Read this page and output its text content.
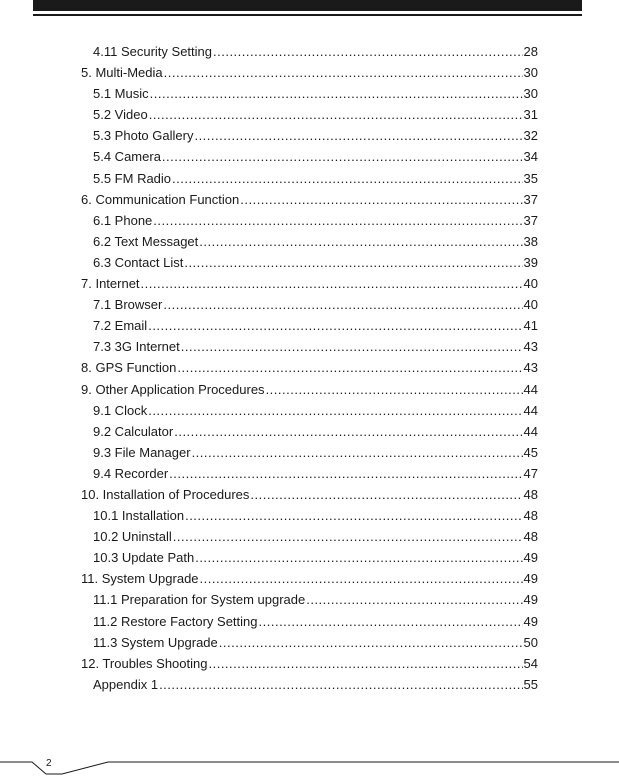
4.11 Security Setting .....	28
5. Multi-Media .....	30
5.1 Music .....	30
5.2 Video .....	31
5.3 Photo Gallery .....	32
5.4 Camera .....	34
5.5 FM Radio .....	35
6. Communication Function .....	37
6.1 Phone .....	37
6.2 Text Messaget .....	38
6.3 Contact List .....	39
7. Internet .....	40
7.1 Browser .....	40
7.2 Email .....	41
7.3 3G Internet .....	43
8. GPS Function .....	43
9. Other Application Procedures .....	44
9.1 Clock .....	44
9.2 Calculator .....	44
9.3 File Manager .....	45
9.4 Recorder .....	47
10. Installation of Procedures .....	48
10.1 Installation .....	48
10.2 Uninstall .....	48
10.3 Update Path .....	49
11. System Upgrade .....	49
11.1 Preparation for System upgrade .....	49
11.2 Restore Factory Setting .....	49
11.3 System Upgrade .....	50
12. Troubles Shooting .....	54
Appendix 1 .....	55
2
